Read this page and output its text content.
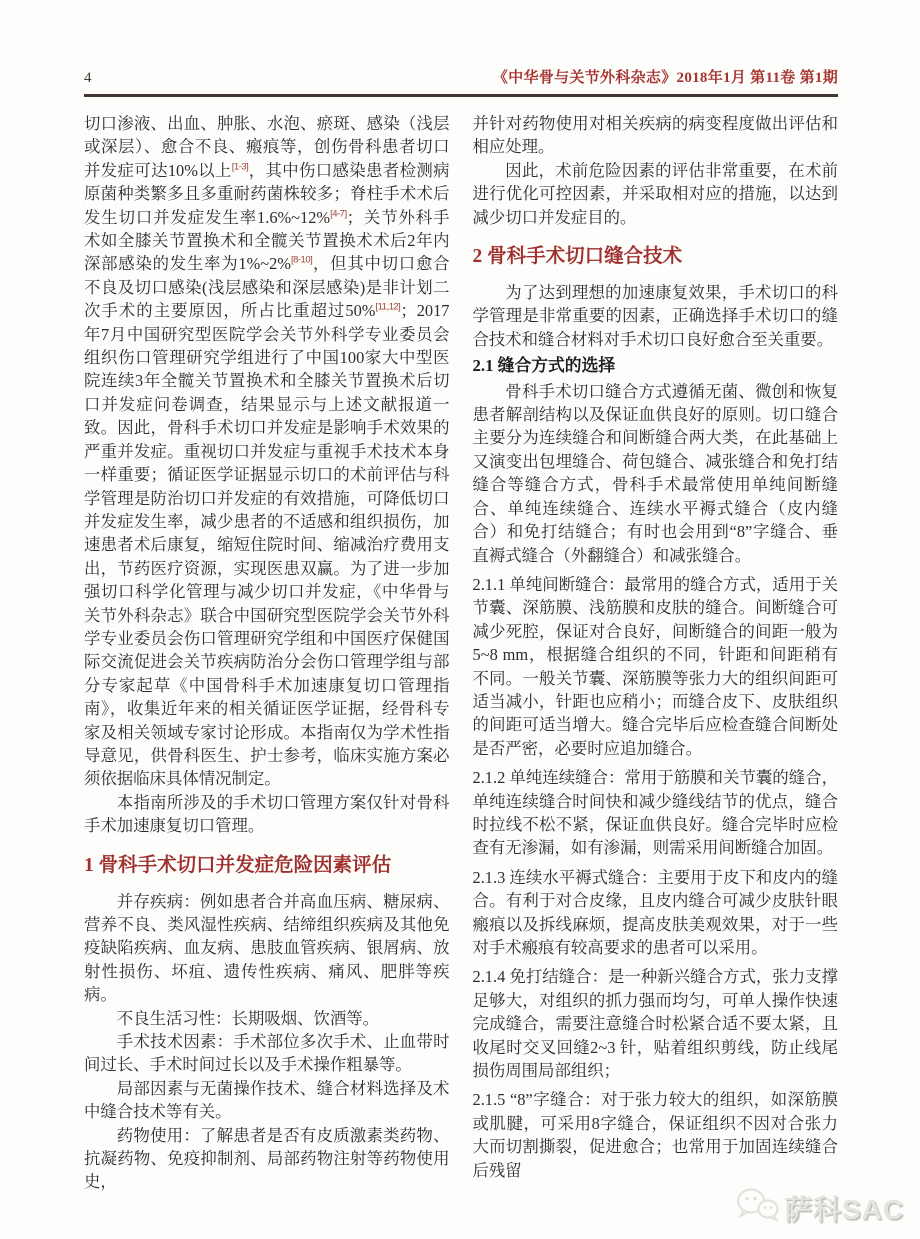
4	《中华骨与关节外科杂志》2018年1月 第11卷 第1期

切口渗液、出血、肿胀、水泡、瘀斑、感染（浅层或深层）、愈合不良、瘢痕等，创伤骨科患者切口并发症可达10%以上[1-3]，其中伤口感染患者检测病原菌种类繁多且多重耐药菌株较多；脊柱手术术后发生切口并发症发生率1.6%~12%[4-7]；关节外科手术如全膝关节置换术和全髋关节置换术术后2年内深部感染的发生率为1%~2%[8-10]，但其中切口愈合不良及切口感染(浅层感染和深层感染)是非计划二次手术的主要原因，所占比重超过50%[11,12]；2017年7月中国研究型医院学会关节外科学专业委员会组织伤口管理研究学组进行了中国100家大中型医院连续3年全髋关节置换术和全膝关节置换术后切口并发症问卷调查，结果显示与上述文献报道一致。因此，骨科手术切口并发症是影响手术效果的严重并发症。重视切口并发症与重视手术技术本身一样重要；循证医学证据显示切口的术前评估与科学管理是防治切口并发症的有效措施，可降低切口并发症发生率，减少患者的不适感和组织损伤，加速患者术后康复，缩短住院时间、缩减治疗费用支出，节药医疗资源，实现医患双赢。为了进一步加强切口科学化管理与减少切口并发症，《中华骨与关节外科杂志》联合中国研究型医院学会关节外科学专业委员会伤口管理研究学组和中国医疗保健国际交流促进会关节疾病防治分会伤口管理学组与部分专家起草《中国骨科手术加速康复切口管理指南》，收集近年来的相关循证医学证据，经骨科专家及相关领域专家讨论形成。本指南仅为学术性指导意见，供骨科医生、护士参考，临床实施方案必须依据临床具体情况制定。

本指南所涉及的手术切口管理方案仅针对骨科手术加速康复切口管理。

1 骨科手术切口并发症危险因素评估

并存疾病：例如患者合并高血压病、糖尿病、营养不良、类风湿性疾病、结缔组织疾病及其他免疫缺陷疾病、血友病、患肢血管疾病、银屑病、放射性损伤、坏疽、遗传性疾病、痛风、肥胖等疾病。

不良生活习性：长期吸烟、饮酒等。

手术技术因素：手术部位多次手术、止血带时间过长、手术时间过长以及手术操作粗暴等。

局部因素与无菌操作技术、缝合材料选择及术中缝合技术等有关。

药物使用：了解患者是否有皮质激素类药物、抗凝药物、免疫抑制剂、局部药物注射等药物使用史，

并针对药物使用对相关疾病的病变程度做出评估和相应处理。

因此，术前危险因素的评估非常重要，在术前进行优化可控因素，并采取相对应的措施，以达到减少切口并发症目的。

2 骨科手术切口缝合技术

为了达到理想的加速康复效果，手术切口的科学管理是非常重要的因素，正确选择手术切口的缝合技术和缝合材料对手术切口良好愈合至关重要。

2.1 缝合方式的选择

骨科手术切口缝合方式遵循无菌、微创和恢复患者解剖结构以及保证血供良好的原则。切口缝合主要分为连续缝合和间断缝合两大类，在此基础上又演变出包埋缝合、荷包缝合、减张缝合和免打结缝合等缝合方式，骨科手术最常使用单纯间断缝合、单纯连续缝合、连续水平褥式缝合（皮内缝合）和免打结缝合；有时也会用到“8”字缝合、垂直褥式缝合（外翻缝合）和减张缝合。

2.1.1 单纯间断缝合：最常用的缝合方式，适用于关节囊、深筋膜、浅筋膜和皮肤的缝合。间断缝合可减少死腔，保证对合良好，间断缝合的间距一般为5~8 mm，根据缝合组织的不同，针距和间距稍有不同。一般关节囊、深筋膜等张力大的组织间距可适当减小，针距也应稍小；而缝合皮下、皮肤组织的间距可适当增大。缝合完毕后应检查缝合间断处是否严密，必要时应追加缝合。

2.1.2 单纯连续缝合：常用于筋膜和关节囊的缝合，单纯连续缝合时间快和减少缝线结节的优点，缝合时拉线不松不紧，保证血供良好。缝合完毕时应检查有无渗漏，如有渗漏，则需采用间断缝合加固。

2.1.3 连续水平褥式缝合：主要用于皮下和皮内的缝合。有利于对合皮缘，且皮内缝合可减少皮肤针眼瘢痕以及拆线麻烦，提高皮肤美观效果，对于一些对手术瘢痕有较高要求的患者可以采用。

2.1.4 免打结缝合：是一种新兴缝合方式，张力支撑足够大，对组织的抓力强而均匀，可单人操作快速完成缝合，需要注意缝合时松紧合适不要太紧，且收尾时交叉回缝2~3 针，贴着组织剪线，防止线尾损伤周围局部组织；

2.1.5 “8”字缝合：对于张力较大的组织，如深筋膜或肌腱，可采用8字缝合，保证组织不因对合张力大而切割撕裂，促进愈合；也常用于加固连续缝合后残留

萨科SAC
